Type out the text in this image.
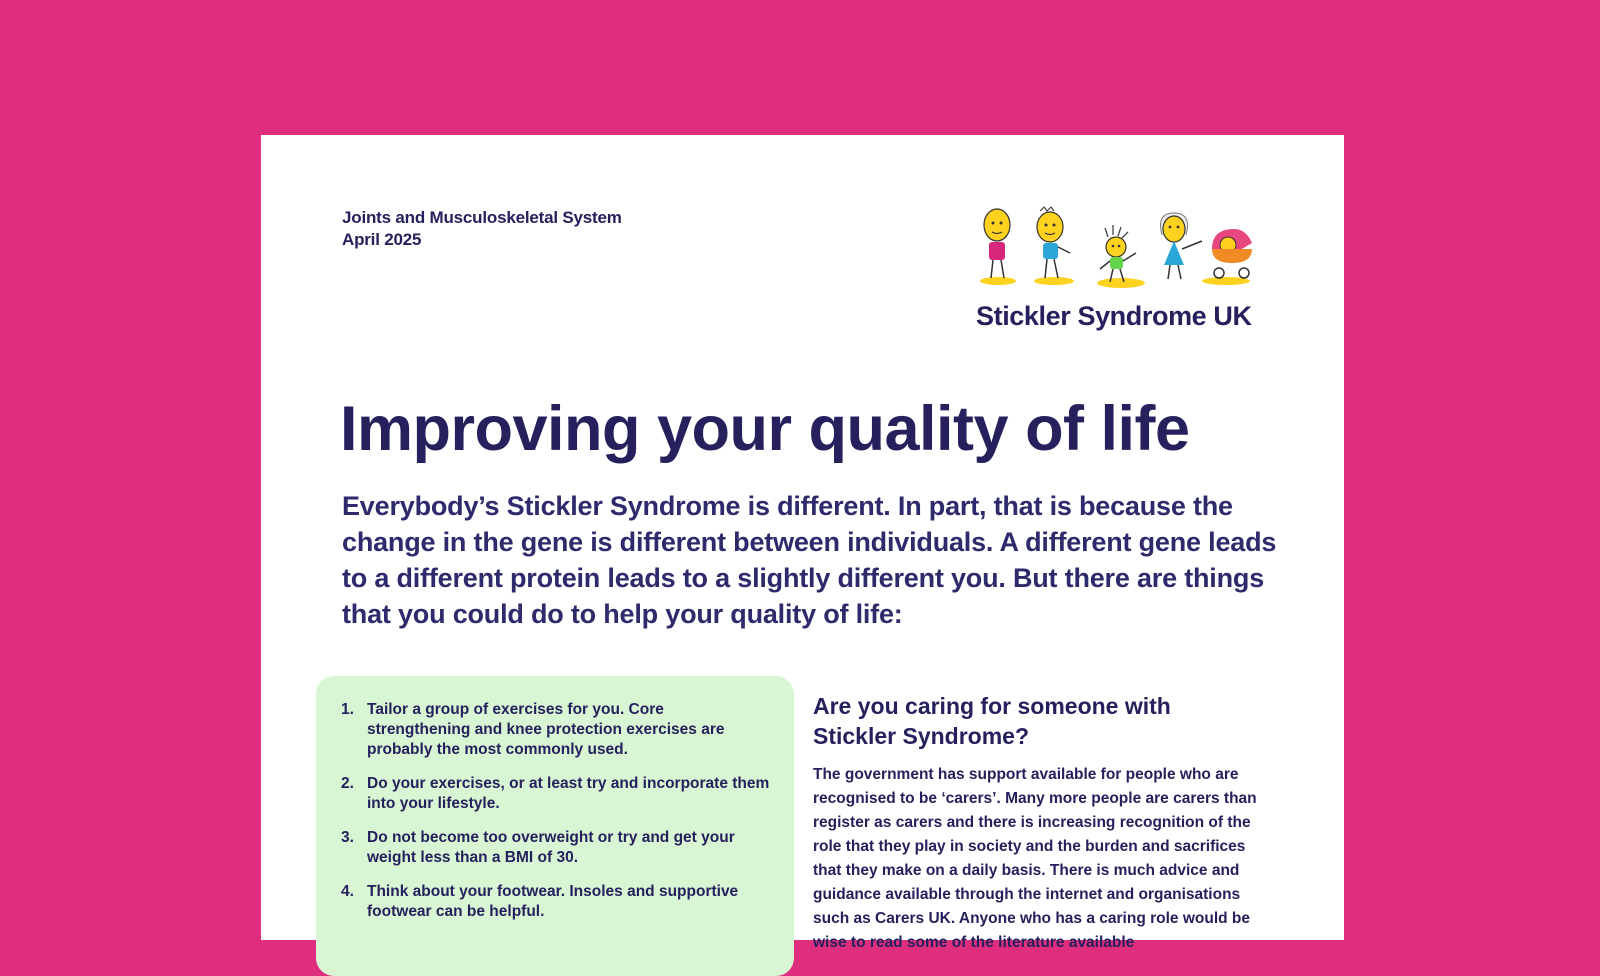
Joints and Musculoskeletal System
April 2025
Stickler Syndrome UK
Improving your quality of life

Everybody’s Stickler Syndrome is different. In part, that is because the change in the gene is different between individuals. A different gene leads to a different protein leads to a slightly different you. But there are things that you could do to help your quality of life:

1. Tailor a group of exercises for you. Core strengthening and knee protection exercises are probably the most commonly used.
2. Do your exercises, or at least try and incorporate them into your lifestyle.
3. Do not become too overweight or try and get your weight less than a BMI of 30.
4. Think about your footwear. Insoles and supportive footwear can be helpful.
Are you caring for someone with Stickler Syndrome?

The government has support available for people who are recognised to be ‘carers’. Many more people are carers than register as carers and there is increasing recognition of the role that they play in society and the burden and sacrifices that they make on a daily basis. There is much advice and guidance available through the internet and organisations such as Carers UK. Anyone who has a caring role would be wise to read some of the literature available
